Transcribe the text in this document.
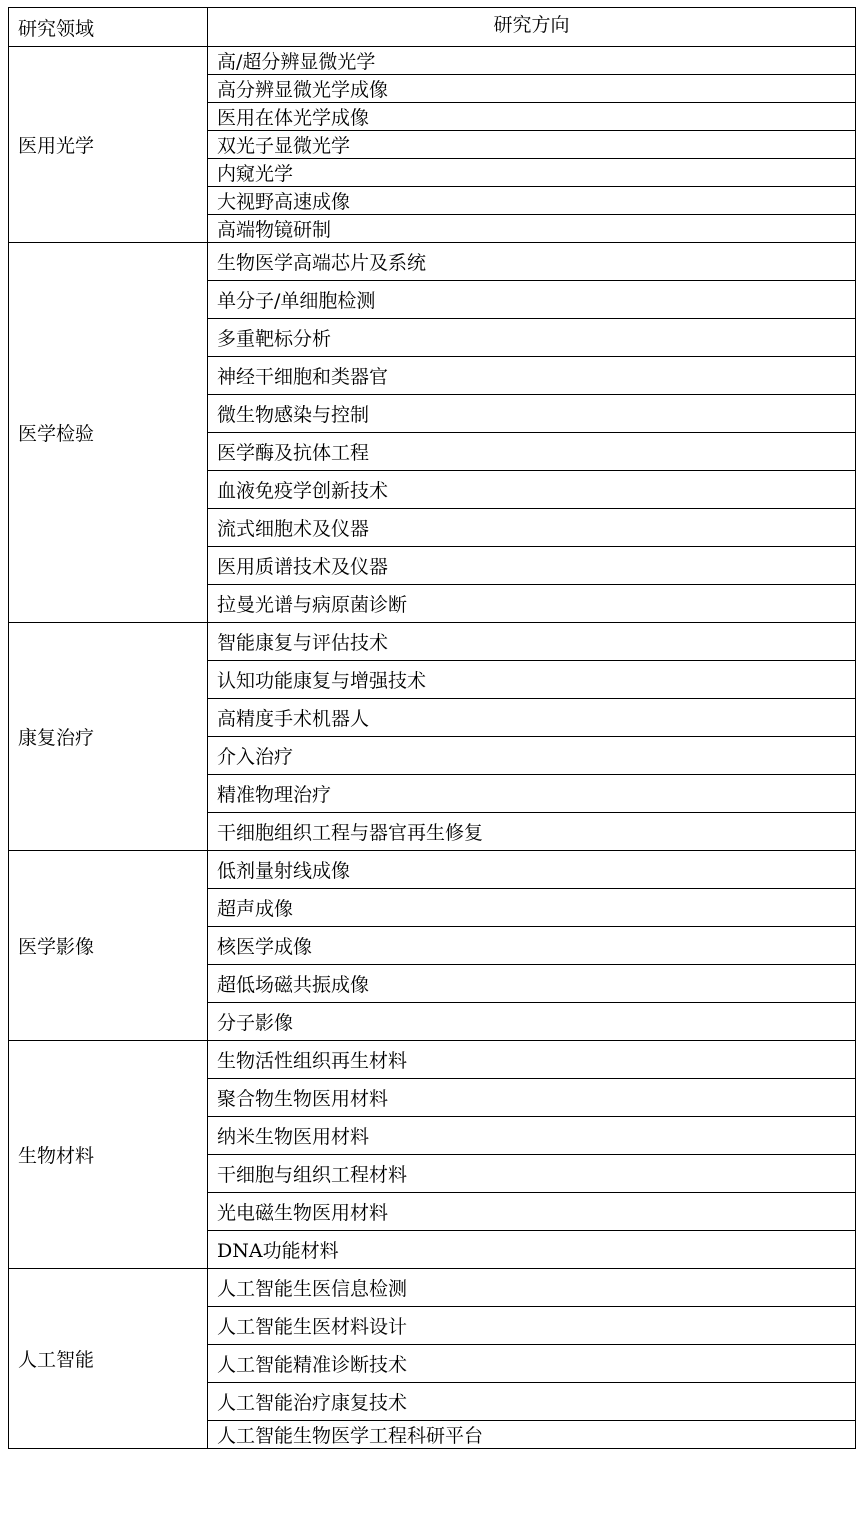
研究领域	研究方向
医用光学	高/超分辨显微光学
	高分辨显微光学成像
	医用在体光学成像
	双光子显微光学
	内窥光学
	大视野高速成像
	高端物镜研制
医学检验	生物医学高端芯片及系统
	单分子/单细胞检测
	多重靶标分析
	神经干细胞和类器官
	微生物感染与控制
	医学酶及抗体工程
	血液免疫学创新技术
	流式细胞术及仪器
	医用质谱技术及仪器
	拉曼光谱与病原菌诊断
康复治疗	智能康复与评估技术
	认知功能康复与增强技术
	高精度手术机器人
	介入治疗
	精准物理治疗
	干细胞组织工程与器官再生修复
医学影像	低剂量射线成像
	超声成像
	核医学成像
	超低场磁共振成像
	分子影像
生物材料	生物活性组织再生材料
	聚合物生物医用材料
	纳米生物医用材料
	干细胞与组织工程材料
	光电磁生物医用材料
	DNA功能材料
人工智能	人工智能生医信息检测
	人工智能生医材料设计
	人工智能精准诊断技术
	人工智能治疗康复技术
	人工智能生物医学工程科研平台
